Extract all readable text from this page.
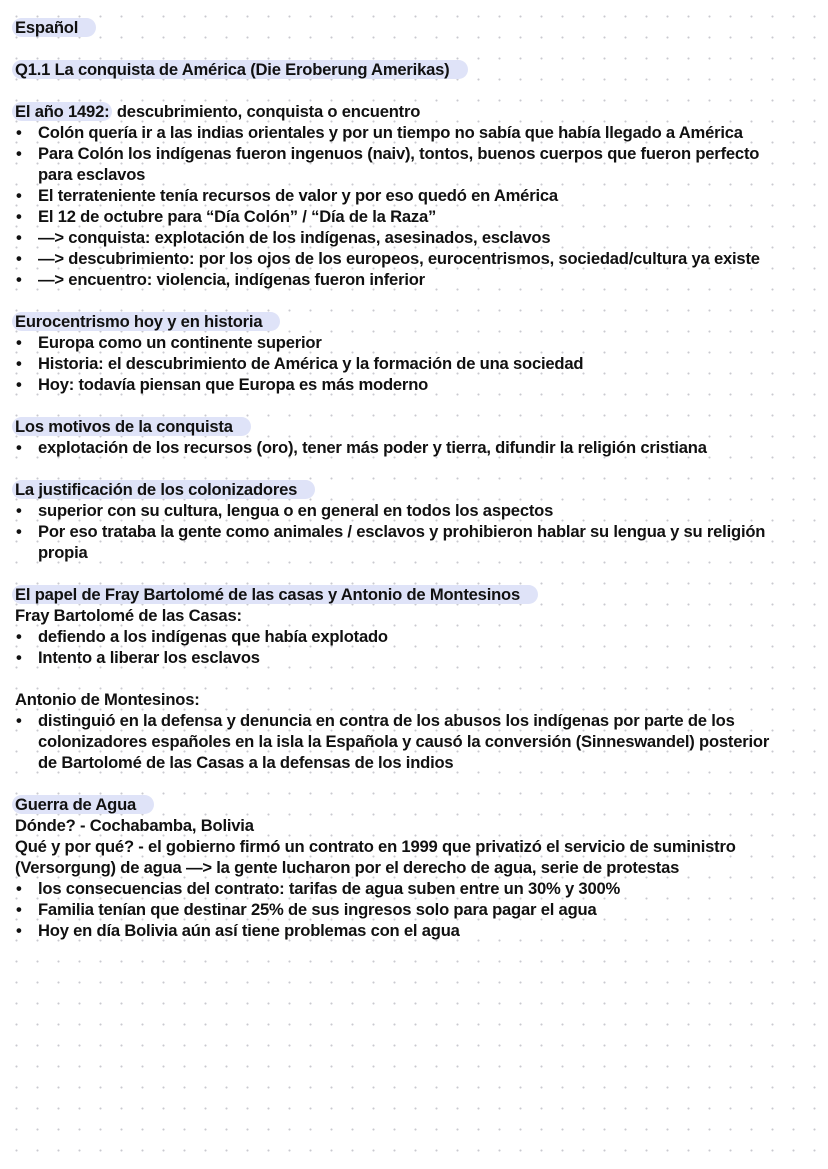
Español

Q1.1 La conquista de América (Die Eroberung Amerikas)

El año 1492: descubrimiento, conquista o encuentro

• Colón quería ir a las indias orientales y por un tiempo no sabía que había llegado a América
• Para Colón los indígenas fueron ingenuos (naiv), tontos, buenos cuerpos que fueron perfecto para esclavos
• El terrateniente tenía recursos de valor y por eso quedó en América
• El 12 de octubre para “Día Colón” / “Día de la Raza”
• —> conquista: explotación de los indígenas, asesinados, esclavos
• —> descubrimiento: por los ojos de los europeos, eurocentrismos, sociedad/cultura ya existe
• —> encuentro: violencia, indígenas fueron inferior

Eurocentrismo hoy y en historia

• Europa como un continente superior
• Historia: el descubrimiento de América y la formación de una sociedad
• Hoy: todavía piensan que Europa es más moderno

Los motivos de la conquista

• explotación de los recursos (oro), tener más poder y tierra, difundir la religión cristiana

La justificación de los colonizadores

• superior con su cultura, lengua o en general en todos los aspectos
• Por eso trataba la gente como animales / esclavos y prohibieron hablar su lengua y su religión propia

El papel de Fray Bartolomé de las casas y Antonio de Montesinos

Fray Bartolomé de las Casas:

• defiendo a los indígenas que había explotado
• Intento a liberar los esclavos

Antonio de Montesinos:

• distinguió en la defensa y denuncia en contra de los abusos los indígenas por parte de los colonizadores españoles en la isla la Española y causó la conversión (Sinneswandel) posterior de Bartolomé de las Casas a la defensas de los indios

Guerra de Agua

Dónde? - Cochabamba, Bolivia

Qué y por qué? - el gobierno firmó un contrato en 1999 que privatizó el servicio de suministro (Versorgung) de agua —> la gente lucharon por el derecho de agua, serie de protestas

• los consecuencias del contrato: tarifas de agua suben entre un 30% y 300%
• Familia tenían que destinar 25% de sus ingresos solo para pagar el agua
• Hoy en día Bolivia aún así tiene problemas con el agua
